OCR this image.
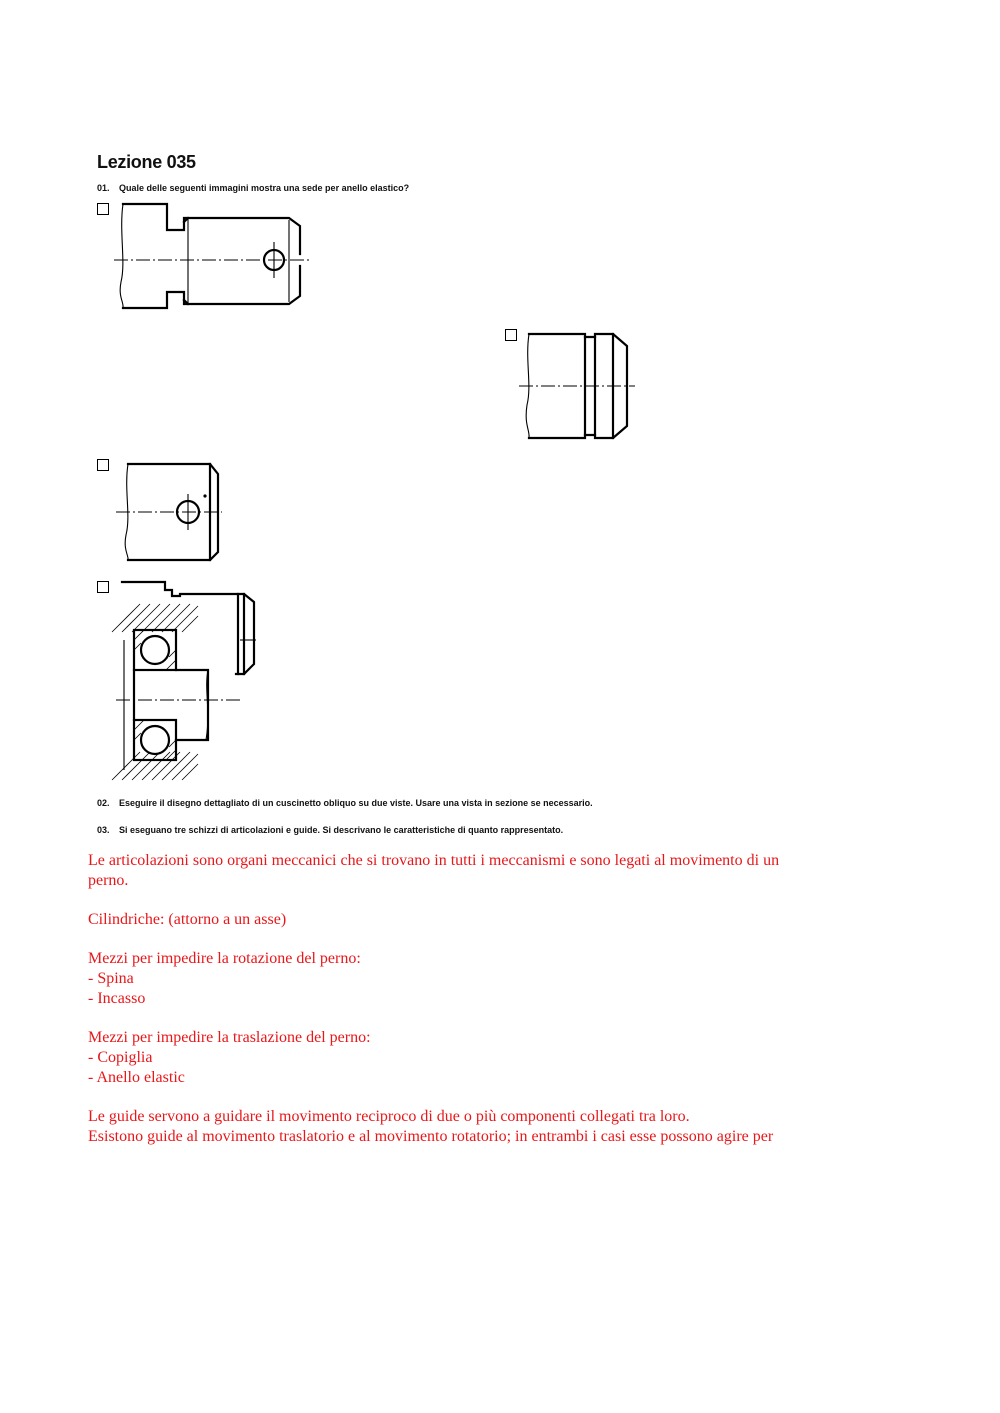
Lezione 035
01. Quale delle seguenti immagini mostra una sede per anello elastico?
02. Eseguire il disegno dettagliato di un cuscinetto obliquo su due viste. Usare una vista in sezione se necessario.
03. Si eseguano tre schizzi di articolazioni e guide. Si descrivano le caratteristiche di quanto rappresentato.
Le articolazioni sono organi meccanici che si trovano in tutti i meccanismi e sono legati al movimento di un
perno.
Cilindriche: (attorno a un asse)
Mezzi per impedire la rotazione del perno:
- Spina
- Incasso
Mezzi per impedire la traslazione del perno:
- Copiglia
- Anello elastic
Le guide servono a guidare il movimento reciproco di due o più componenti collegati tra loro.
Esistono guide al movimento traslatorio e al movimento rotatorio; in entrambi i casi esse possono agire per
